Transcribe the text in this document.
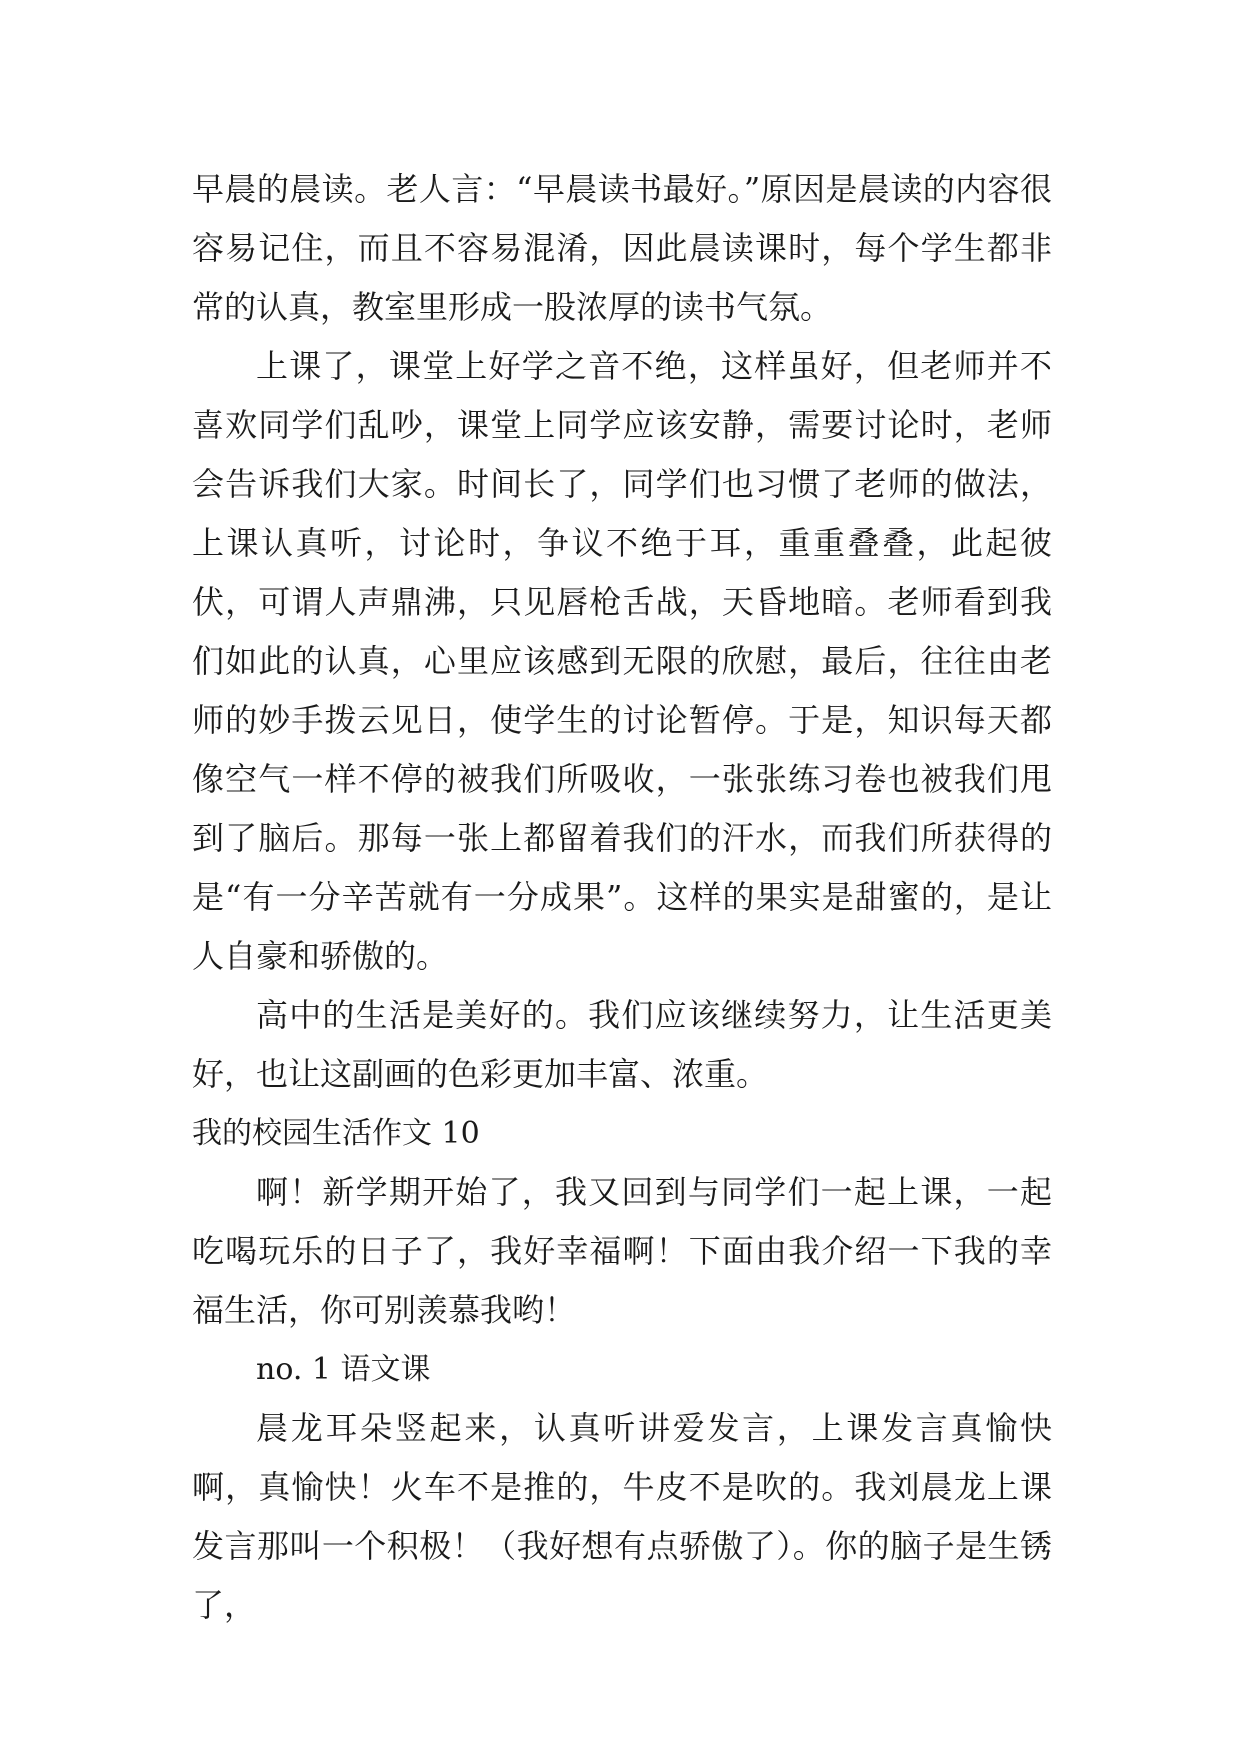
早晨的晨读。老人言：“早晨读书最好。”原因是晨读的内容很容易记住，而且不容易混淆，因此晨读课时，每个学生都非常的认真，教室里形成一股浓厚的读书气氛。

上课了，课堂上好学之音不绝，这样虽好，但老师并不喜欢同学们乱吵，课堂上同学应该安静，需要讨论时，老师会告诉我们大家。时间长了，同学们也习惯了老师的做法，上课认真听，讨论时，争议不绝于耳，重重叠叠，此起彼伏，可谓人声鼎沸，只见唇枪舌战，天昏地暗。老师看到我们如此的认真，心里应该感到无限的欣慰，最后，往往由老师的妙手拨云见日，使学生的讨论暂停。于是，知识每天都像空气一样不停的被我们所吸收，一张张练习卷也被我们甩到了脑后。那每一张上都留着我们的汗水，而我们所获得的是“有一分辛苦就有一分成果”。这样的果实是甜蜜的，是让人自豪和骄傲的。

高中的生活是美好的。我们应该继续努力，让生活更美好，也让这副画的色彩更加丰富、浓重。

我的校园生活作文 10

啊！新学期开始了，我又回到与同学们一起上课，一起吃喝玩乐的日子了，我好幸福啊！下面由我介绍一下我的幸福生活，你可别羡慕我哟！

no. 1 语文课

晨龙耳朵竖起来，认真听讲爱发言，上课发言真愉快啊，真愉快！火车不是推的，牛皮不是吹的。我刘晨龙上课发言那叫一个积极！（我好想有点骄傲了）。你的脑子是生锈了，
